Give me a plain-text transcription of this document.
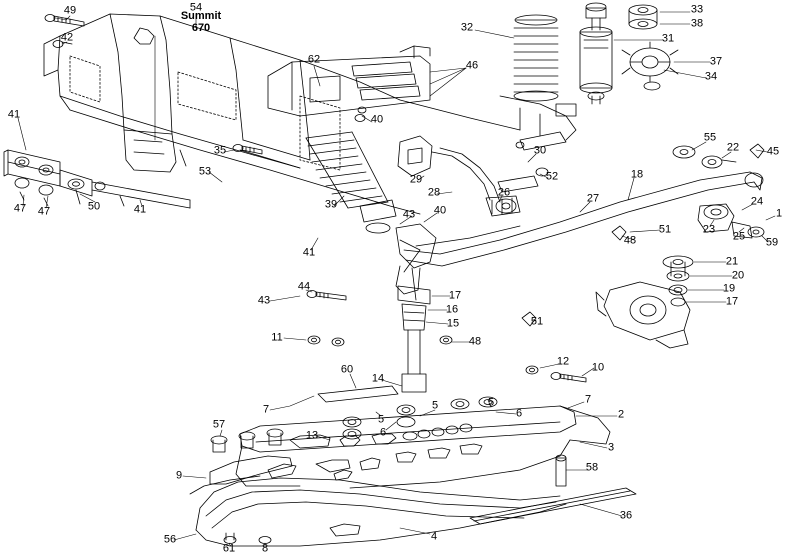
Summit
670
49	54
42
33
38
31
32
37
34
62	46
41	40
55
22	45
35	30
53	52	18
29
28	26	27	24
1
39
43 40
47 47	50	41
23
25 59
48
51
41
21
20
19
17
44
43	17
16
15	51
11	48
12 10
60
14
7
5
5	5
6
7
2
6
13
57
3
9
58
36
56
61 8
4
